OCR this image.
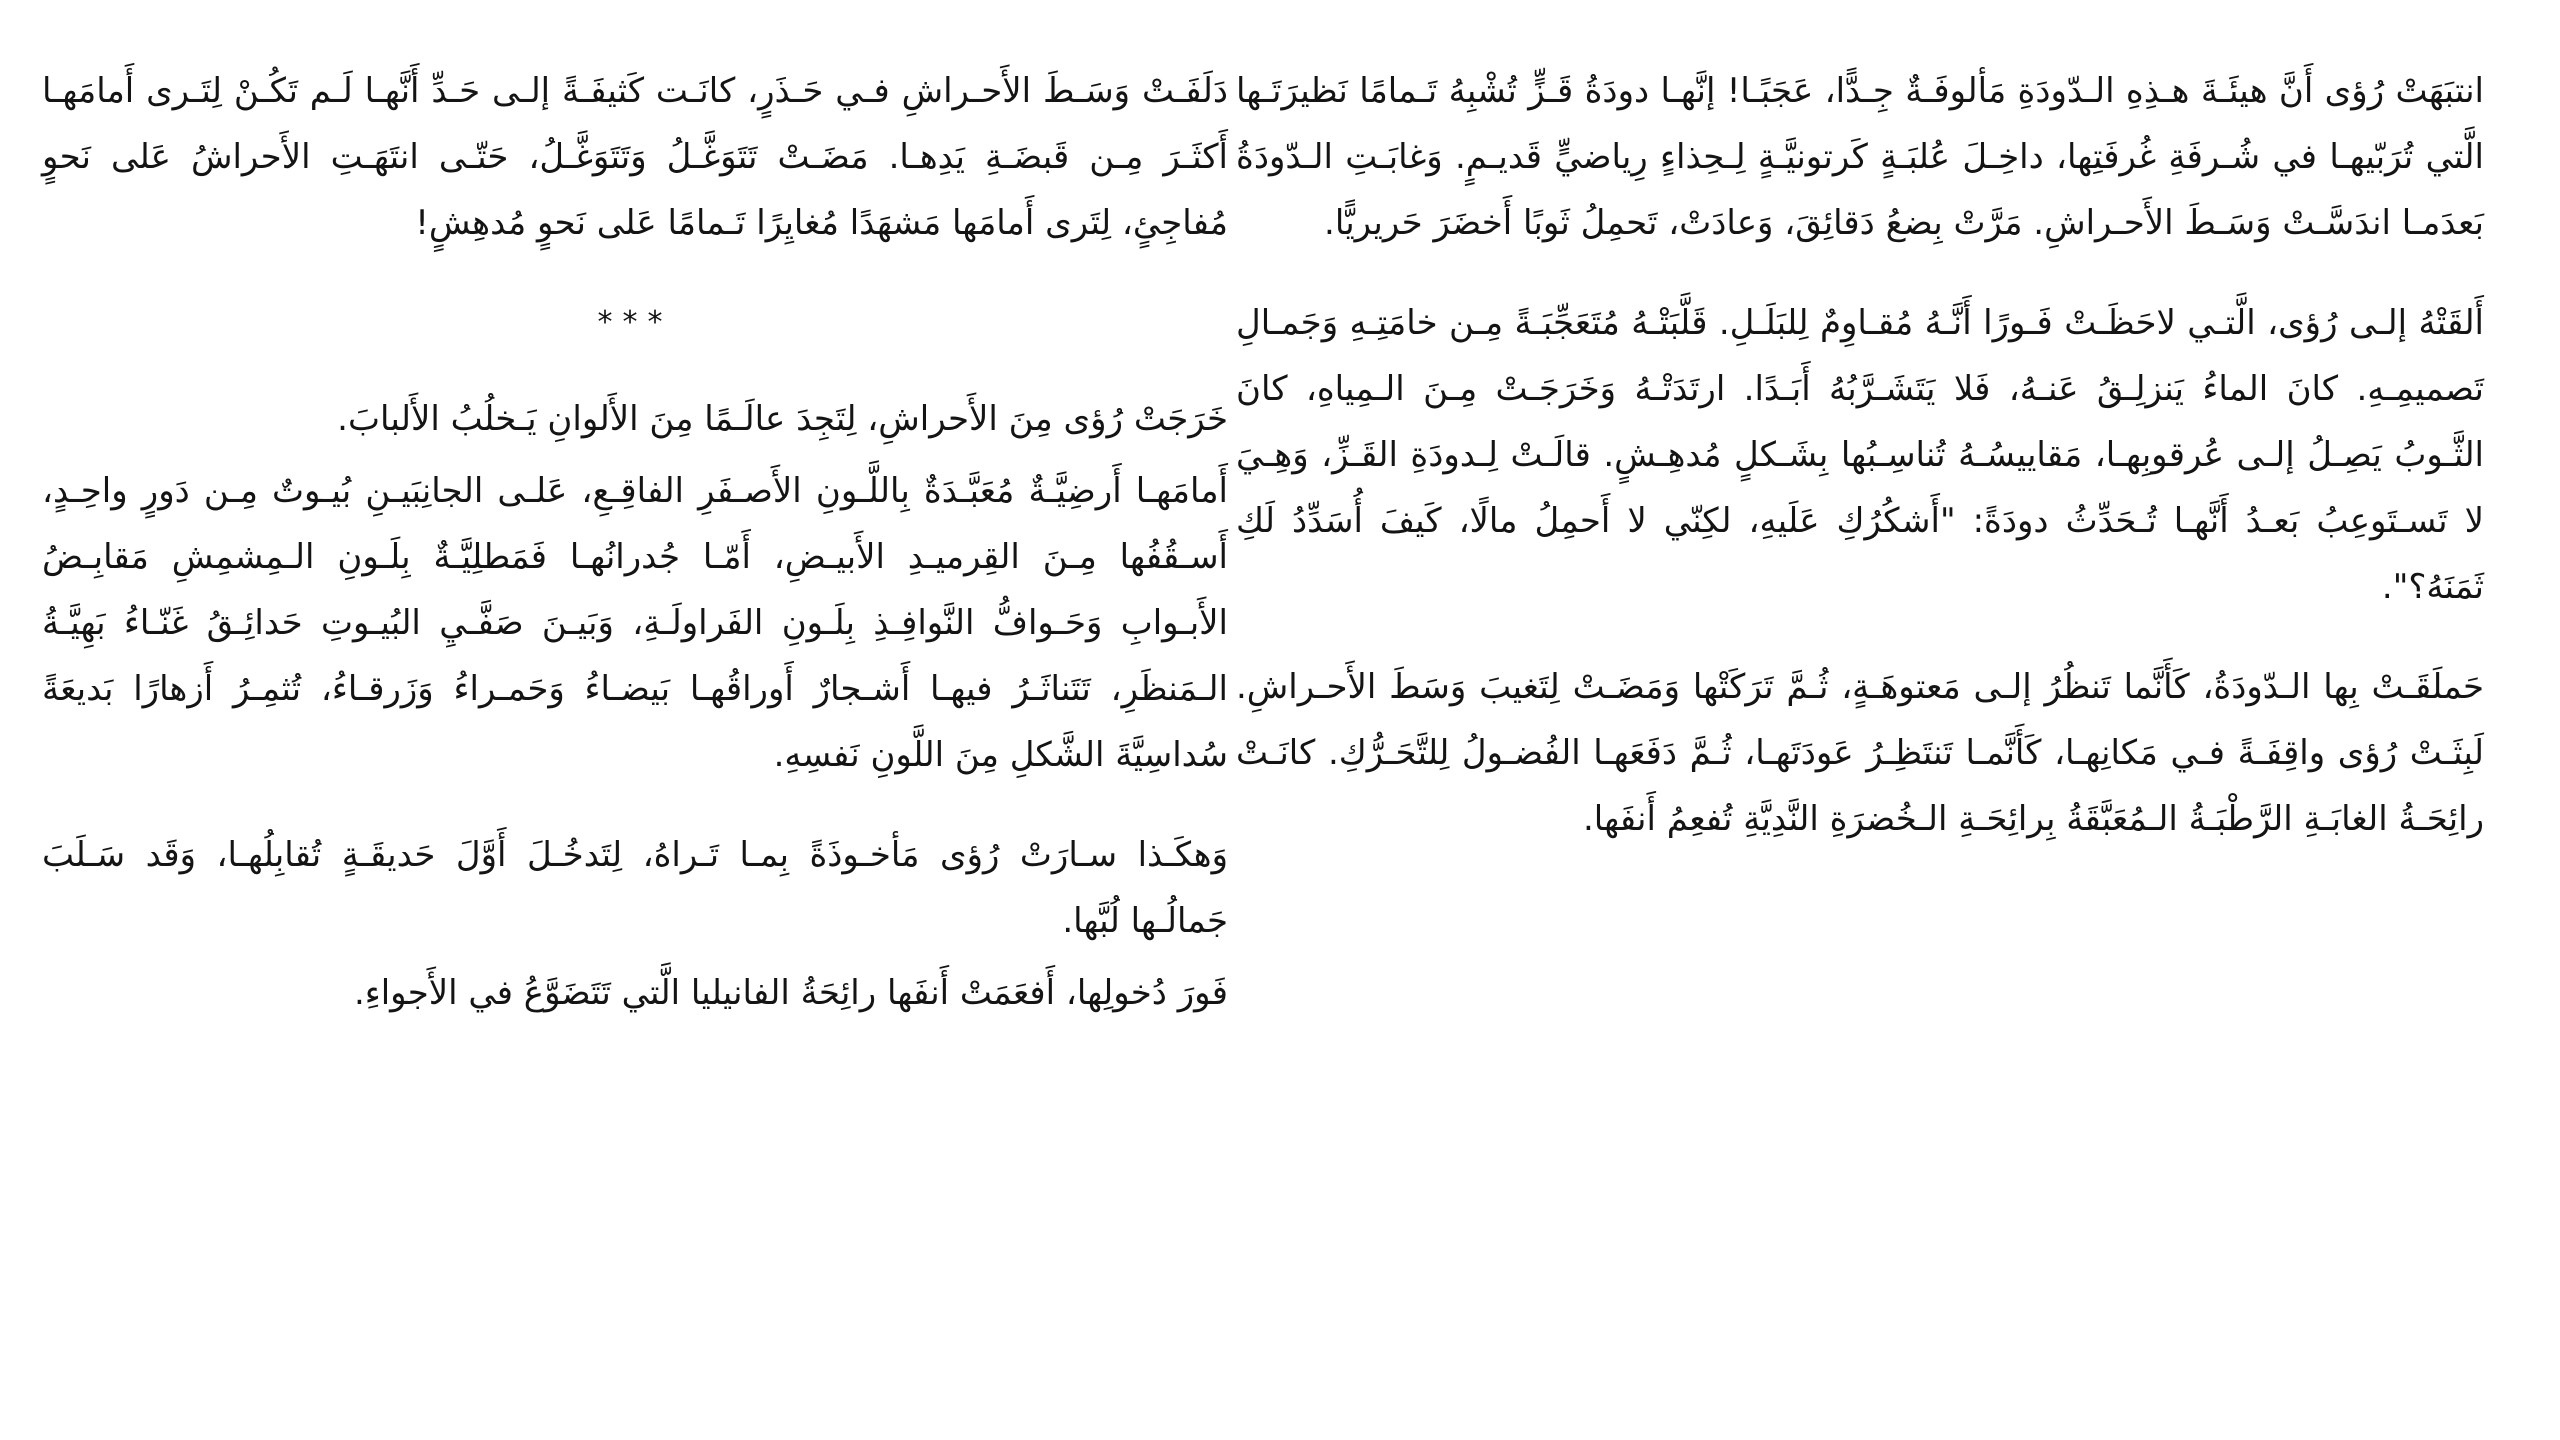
انتبَهَتْ رُؤى أَنَّ هيئَـةَ هـذِهِ الـدّودَةِ مَألوفَـةٌ جِـدًّا، عَجَبًـا! إنَّهـا دودَةُ قَـزٍّ تُشْبِهُ تَـمامًا نَظيرَتَـها الَّتي تُرَبّيهـا في شُـرفَةِ غُرفَتِها، داخِـلَ عُلبَـةٍ كَرتونيَّـةٍ لِـحِذاءٍ رِياضيٍّ قَديـمٍ. وَغابَـتِ الـدّودَةُ بَعدَمـا اندَسَّـتْ وَسَـطَ الأَحـراشِ. مَرَّتْ بِضعُ دَقائِقَ، وَعادَتْ، تَحمِلُ ثَوبًا أَخضَرَ حَريريًّا.

أَلقَتْهُ إلـى رُؤى، الَّتـي لاحَظَـتْ فَـورًا أَنَّـهُ مُقـاوِمٌ لِلبَلَـلِ. قَلَّبَتْـهُ مُتَعَجِّبَـةً مِـن خامَتِـهِ وَجَمـالِ تَصميمِـهِ. كانَ الماءُ يَنزلِـقُ عَنـهُ، فَلا يَتَشَـرَّبُهُ أَبَـدًا. ارتَدَتْـهُ وَخَرَجَـتْ مِـنَ الـمِياهِ، كانَ الثَّـوبُ يَصِـلُ إلـى عُرقوبِهـا، مَقاييسُـهُ تُناسِـبُها بِشَـكلٍ مُدهِـشٍ. قالَـتْ لِـدودَةِ القَـزِّ، وَهِـيَ لا تَسـتَوعِبُ بَعـدُ أَنَّهـا تُـحَدِّثُ دودَةً: "أَشكُرُكِ عَلَيهِ، لكِنّي لا أَحمِلُ مالًا، كَيفَ أُسَدِّدُ لَكِ ثَمَنَهُ؟".

حَملَقَـتْ بِها الـدّودَةُ، كَأَنَّما تَنظُرُ إلـى مَعتوهَـةٍ، ثُـمَّ تَرَكَتْها وَمَضَـتْ لِتَغيبَ وَسَطَ الأَحـراشِ. لَبِثَـتْ رُؤى واقِفَـةً فـي مَكانِهـا، كَأَنَّمـا تَنتَظِـرُ عَودَتَهـا، ثُـمَّ دَفَعَهـا الفُضـولُ لِلتَّحَـرُّكِ. كانَـتْ رائِحَـةُ الغابَـةِ الرَّطْبَـةُ الـمُعَبَّقَةُ بِرائِحَـةِ الـخُضرَةِ النَّدِيَّةِ تُفعِمُ أَنفَها.

دَلَفَـتْ وَسَـطَ الأَحـراشِ فـي حَـذَرٍ، كانَـت كَثيفَـةً إلـى حَـدِّ أَنَّهـا لَـم تَكُـنْ لِتَـرى أَمامَهـا أَكثَـرَ مِـن قَبضَـةِ يَدِهـا. مَضَـتْ تَتَوَغَّـلُ وَتَتَوَغَّـلُ، حَتّـى انتَهَـتِ الأَحراشُ عَلى نَحوٍ مُفاجِئٍ، لِتَرى أَمامَها مَشهَدًا مُغايِرًا تَـمامًا عَلى نَحوٍ مُدهِشٍ!

***

خَرَجَتْ رُؤى مِنَ الأَحراشِ، لِتَجِدَ عالَـمًا مِنَ الأَلوانِ يَـخلُبُ الأَلبابَ.

أَمامَهـا أَرضِيَّـةٌ مُعَبَّـدَةٌ بِاللَّـونِ الأَصـفَرِ الفاقِـعِ، عَلـى الجانِبَيـنِ بُيـوتٌ مِـن دَورٍ واحِـدٍ، أَسـقُفُها مِـنَ القِرميـدِ الأَبيـضِ، أَمّـا جُدرانُهـا فَمَطلِيَّـةٌ بِلَـونِ الـمِشمِشِ مَقابِـضُ الأَبـوابِ وَحَـوافُّ النَّوافِـذِ بِلَـونِ الفَراولَـةِ، وَبَيـنَ صَفَّـيِ البُيـوتِ حَدائِـقُ غَنّـاءُ بَهِيَّـةُ الـمَنظَرِ، تَتَناثَـرُ فيهـا أَشـجارٌ أَوراقُهـا بَيضـاءُ وَحَمـراءُ وَزَرقـاءُ، تُثمِـرُ أَزهارًا بَديعَةً سُداسِيَّةَ الشَّكلِ مِنَ اللَّونِ نَفسِهِ.

وَهكَـذا سـارَتْ رُؤى مَأخـوذَةً بِمـا تَـراهُ، لِتَدخُـلَ أَوَّلَ حَديقَـةٍ تُقابِلُهـا، وَقَد سَـلَبَ جَمالُـها لُبَّها.

فَورَ دُخولِها، أَفعَمَتْ أَنفَها رائِحَةُ الفانيليا الَّتي تَتَضَوَّعُ في الأَجواءِ.
